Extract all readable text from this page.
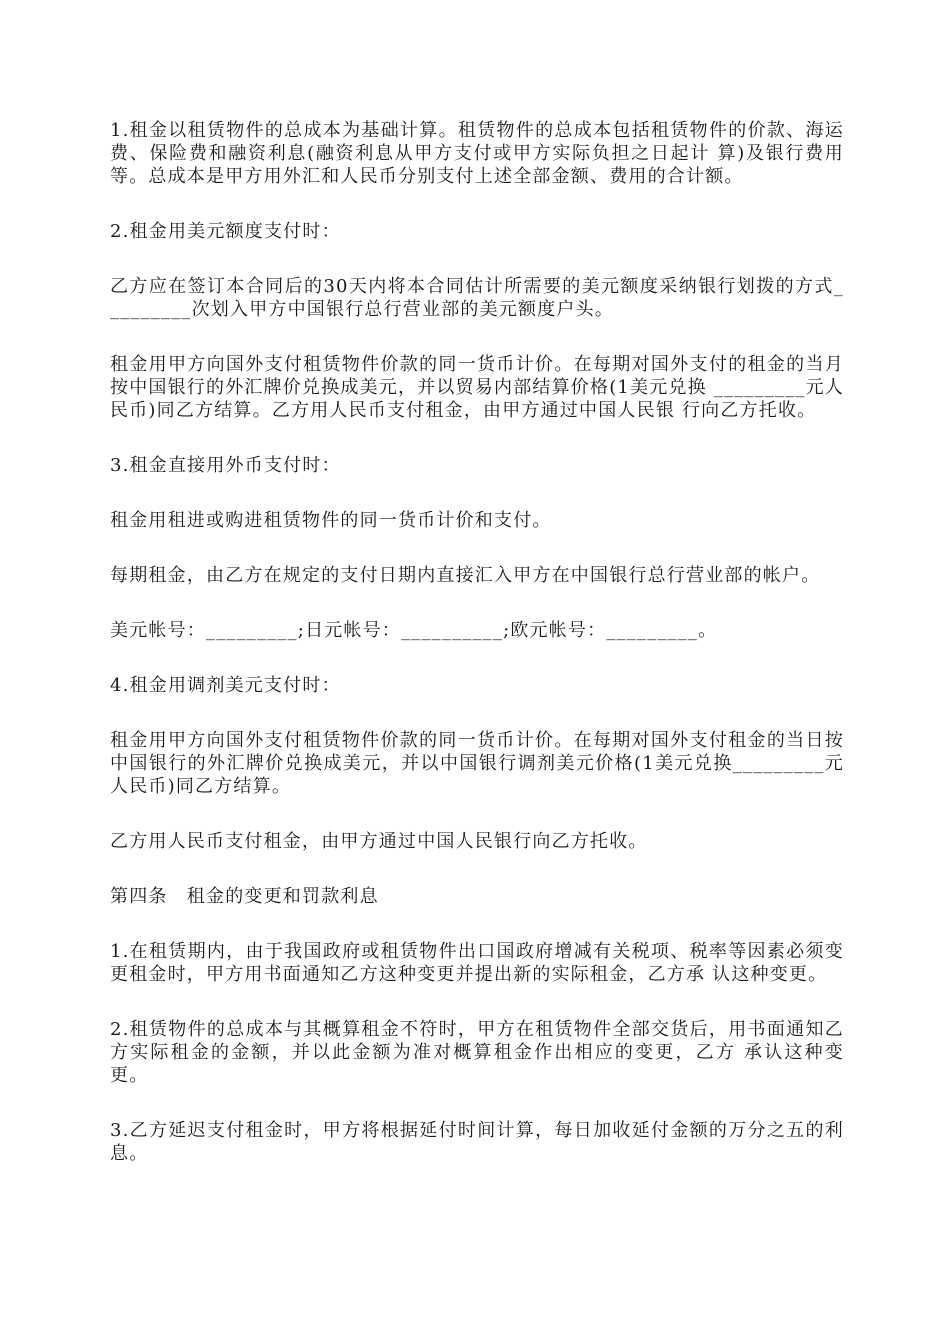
1.租金以租赁物件的总成本为基础计算。租赁物件的总成本包括租赁物件的价款、海运费、保险费和融资利息(融资利息从甲方支付或甲方实际负担之日起计 算)及银行费用等。总成本是甲方用外汇和人民币分别支付上述全部金额、费用的合计额。

2.租金用美元额度支付时：

乙方应在签订本合同后的30天内将本合同估计所需要的美元额度采纳银行划拨的方式_________次划入甲方中国银行总行营业部的美元额度户头。

租金用甲方向国外支付租赁物件价款的同一货币计价。在每期对国外支付的租金的当月按中国银行的外汇牌价兑换成美元，并以贸易内部结算价格(1美元兑换 _________元人民币)同乙方结算。乙方用人民币支付租金，由甲方通过中国人民银 行向乙方托收。

3.租金直接用外币支付时：

租金用租进或购进租赁物件的同一货币计价和支付。

每期租金，由乙方在规定的支付日期内直接汇入甲方在中国银行总行营业部的帐户。

美元帐号：_________;日元帐号：__________;欧元帐号：_________。

4.租金用调剂美元支付时：

租金用甲方向国外支付租赁物件价款的同一货币计价。在每期对国外支付租金的当日按中国银行的外汇牌价兑换成美元，并以中国银行调剂美元价格(1美元兑换_________元人民币)同乙方结算。

乙方用人民币支付租金，由甲方通过中国人民银行向乙方托收。

第四条　租金的变更和罚款利息

1.在租赁期内，由于我国政府或租赁物件出口国政府增减有关税项、税率等因素必须变更租金时，甲方用书面通知乙方这种变更并提出新的实际租金，乙方承 认这种变更。

2.租赁物件的总成本与其概算租金不符时，甲方在租赁物件全部交货后，用书面通知乙方实际租金的金额，并以此金额为准对概算租金作出相应的变更，乙方 承认这种变更。

3.乙方延迟支付租金时，甲方将根据延付时间计算，每日加收延付金额的万分之五的利息。
